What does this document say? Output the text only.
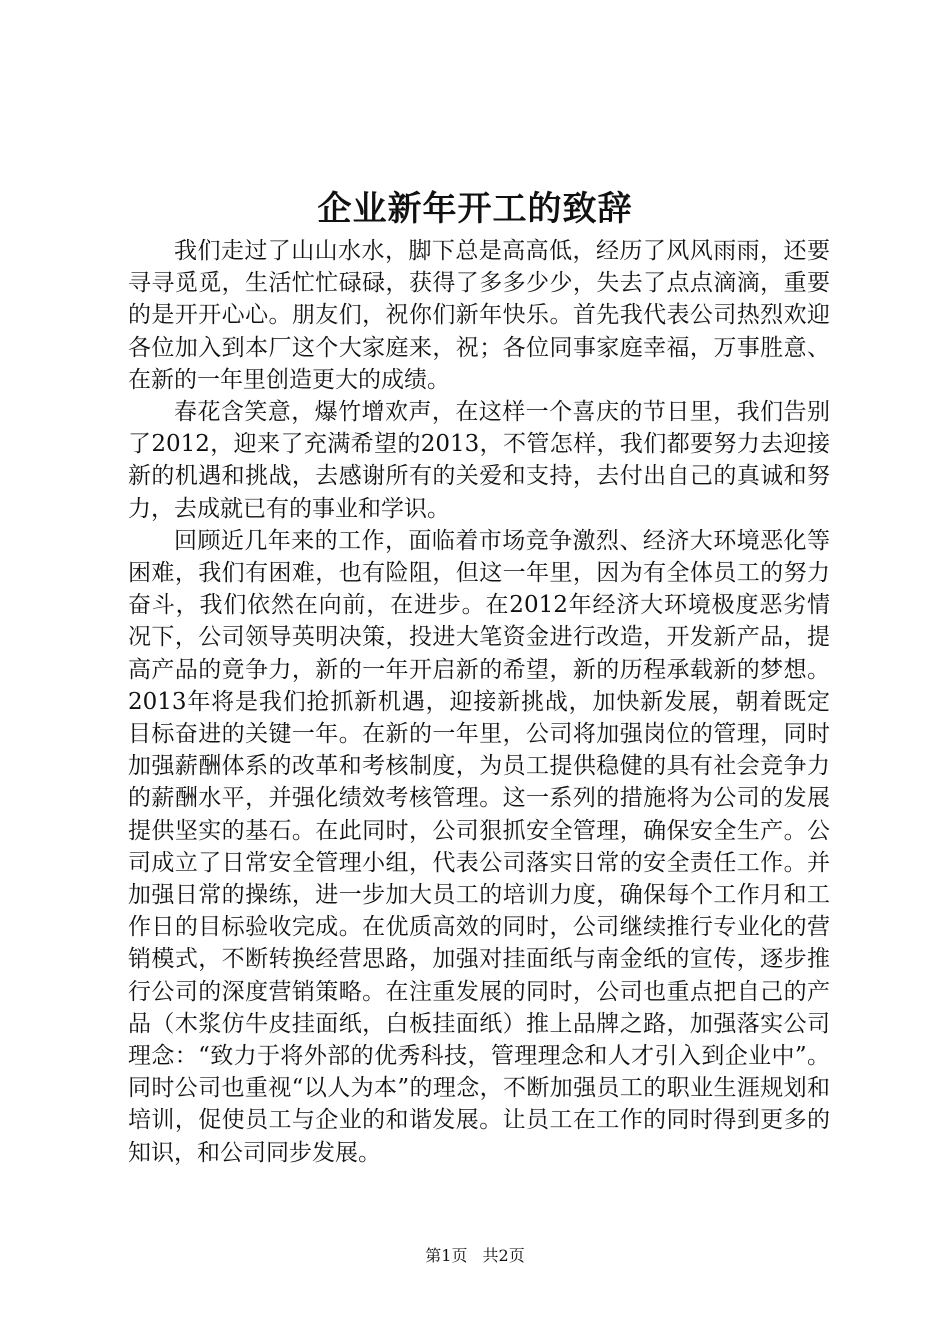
企业新年开工的致辞

我们走过了山山水水，脚下总是高高低，经历了风风雨雨，还要寻寻觅觅，生活忙忙碌碌，获得了多多少少，失去了点点滴滴，重要的是开开心心。朋友们，祝你们新年快乐。首先我代表公司热烈欢迎各位加入到本厂这个大家庭来，祝；各位同事家庭幸福，万事胜意、在新的一年里创造更大的成绩。

春花含笑意，爆竹增欢声，在这样一个喜庆的节日里，我们告别了2012，迎来了充满希望的2013，不管怎样，我们都要努力去迎接新的机遇和挑战，去感谢所有的关爱和支持，去付出自己的真诚和努力，去成就已有的事业和学识。

回顾近几年来的工作，面临着市场竞争激烈、经济大环境恶化等困难，我们有困难，也有险阻，但这一年里，因为有全体员工的努力奋斗，我们依然在向前，在进步。在2012年经济大环境极度恶劣情况下，公司领导英明决策，投进大笔资金进行改造，开发新产品，提高产品的竟争力，新的一年开启新的希望，新的历程承载新的梦想。2013年将是我们抢抓新机遇，迎接新挑战，加快新发展，朝着既定目标奋进的关键一年。在新的一年里，公司将加强岗位的管理，同时加强薪酬体系的改革和考核制度，为员工提供稳健的具有社会竞争力的薪酬水平，并强化绩效考核管理。这一系列的措施将为公司的发展提供坚实的基石。在此同时，公司狠抓安全管理，确保安全生产。公司成立了日常安全管理小组，代表公司落实日常的安全责任工作。并加强日常的操练，进一步加大员工的培训力度，确保每个工作月和工作日的目标验收完成。在优质高效的同时，公司继续推行专业化的营销模式，不断转换经营思路，加强对挂面纸与南金纸的宣传，逐步推行公司的深度营销策略。在注重发展的同时，公司也重点把自己的产品（木浆仿牛皮挂面纸，白板挂面纸）推上品牌之路，加强落实公司理念：“致力于将外部的优秀科技，管理理念和人才引入到企业中”。同时公司也重视“以人为本”的理念，不断加强员工的职业生涯规划和培训，促使员工与企业的和谐发展。让员工在工作的同时得到更多的知识，和公司同步发展。

第1页 共2页
